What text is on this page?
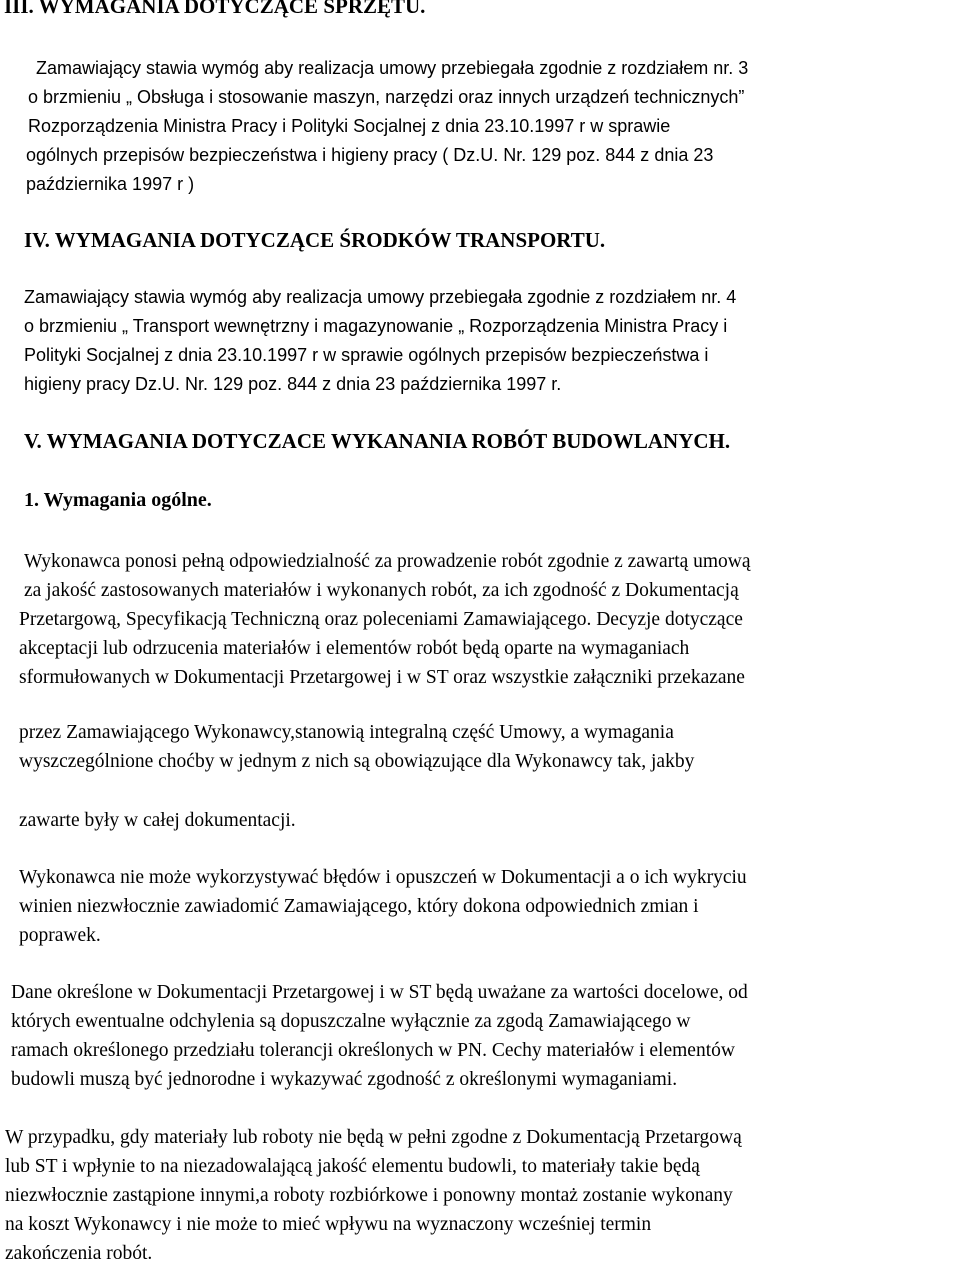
III. WYMAGANIA DOTYCZĄCE SPRZĘTU.
Zamawiający stawia wymóg aby realizacja umowy przebiegała zgodnie z rozdziałem nr. 3
o brzmieniu „ Obsługa i stosowanie maszyn, narzędzi oraz innych urządzeń technicznych”
Rozporządzenia Ministra Pracy i Polityki Socjalnej z dnia 23.10.1997 r w sprawie
ogólnych przepisów bezpieczeństwa i higieny pracy ( Dz.U. Nr. 129 poz. 844 z dnia 23
października 1997 r )
IV. WYMAGANIA DOTYCZĄCE ŚRODKÓW TRANSPORTU.
Zamawiający stawia wymóg aby realizacja umowy przebiegała zgodnie z rozdziałem nr. 4
o brzmieniu „ Transport wewnętrzny i magazynowanie „ Rozporządzenia Ministra Pracy i
Polityki Socjalnej z dnia 23.10.1997 r w sprawie ogólnych przepisów bezpieczeństwa i
higieny pracy Dz.U. Nr. 129 poz. 844 z dnia 23 października 1997 r.
V. WYMAGANIA DOTYCZACE WYKANANIA ROBÓT BUDOWLANYCH.
1. Wymagania ogólne.
Wykonawca ponosi pełną odpowiedzialność za prowadzenie robót zgodnie z zawartą umową
za jakość zastosowanych materiałów i wykonanych robót, za ich zgodność z Dokumentacją
Przetargową, Specyfikacją Techniczną oraz poleceniami Zamawiającego. Decyzje dotyczące
akceptacji lub odrzucenia materiałów i elementów robót będą oparte na wymaganiach
sformułowanych w Dokumentacji Przetargowej i w ST oraz wszystkie załączniki przekazane
przez Zamawiającego Wykonawcy,stanowią integralną część Umowy, a wymagania
wyszczególnione choćby w jednym z nich są obowiązujące dla Wykonawcy tak, jakby
zawarte były w całej dokumentacji.
Wykonawca nie może wykorzystywać błędów i opuszczeń w Dokumentacji a o ich wykryciu
winien niezwłocznie zawiadomić Zamawiającego, który dokona odpowiednich zmian i
poprawek.
Dane określone w Dokumentacji Przetargowej i w ST będą uważane za wartości docelowe, od
których ewentualne odchylenia są dopuszczalne wyłącznie za zgodą Zamawiającego w
ramach określonego przedziału tolerancji określonych w PN. Cechy materiałów i elementów
budowli muszą być jednorodne i wykazywać zgodność z określonymi wymaganiami.
W przypadku, gdy materiały lub roboty nie będą w pełni zgodne z Dokumentacją Przetargową
lub ST i wpłynie to na niezadowalającą jakość elementu budowli, to materiały takie będą
niezwłocznie zastąpione innymi,a roboty rozbiórkowe i ponowny montaż zostanie wykonany
na koszt Wykonawcy i nie może to mieć wpływu na wyznaczony wcześniej termin
zakończenia robót.
